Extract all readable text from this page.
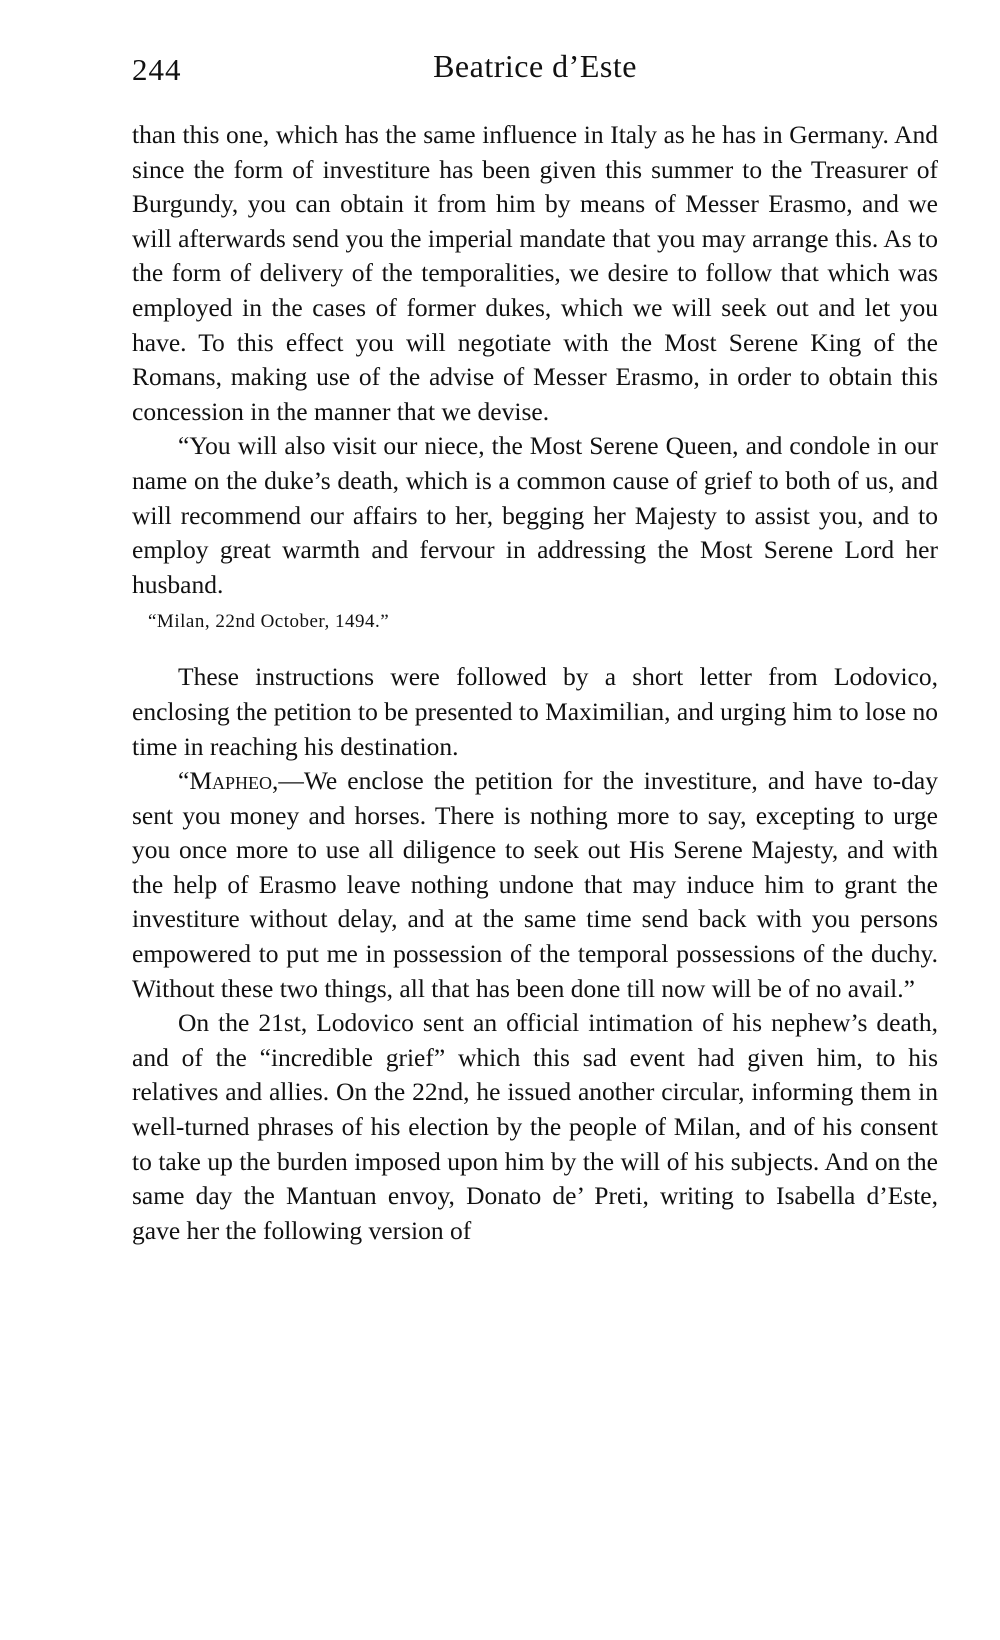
244	Beatrice d’Este

than this one, which has the same influence in Italy as he has in Germany. And since the form of investiture has been given this summer to the Treasurer of Burgundy, you can obtain it from him by means of Messer Erasmo, and we will afterwards send you the imperial mandate that you may arrange this. As to the form of delivery of the temporalities, we desire to follow that which was employed in the cases of former dukes, which we will seek out and let you have. To this effect you will negotiate with the Most Serene King of the Romans, making use of the advise of Messer Erasmo, in order to obtain this concession in the manner that we devise.

“You will also visit our niece, the Most Serene Queen, and condole in our name on the duke’s death, which is a common cause of grief to both of us, and will recommend our affairs to her, begging her Majesty to assist you, and to employ great warmth and fervour in addressing the Most Serene Lord her husband.

“Milan, 22nd October, 1494.”

These instructions were followed by a short letter from Lodovico, enclosing the petition to be presented to Maximilian, and urging him to lose no time in reaching his destination.

“Mapheo,—We enclose the petition for the investiture, and have to-day sent you money and horses. There is nothing more to say, excepting to urge you once more to use all diligence to seek out His Serene Majesty, and with the help of Erasmo leave nothing undone that may induce him to grant the investiture without delay, and at the same time send back with you persons empowered to put me in possession of the temporal possessions of the duchy. Without these two things, all that has been done till now will be of no avail.”

On the 21st, Lodovico sent an official intimation of his nephew’s death, and of the “incredible grief” which this sad event had given him, to his relatives and allies. On the 22nd, he issued another circular, informing them in well-turned phrases of his election by the people of Milan, and of his consent to take up the burden imposed upon him by the will of his subjects. And on the same day the Mantuan envoy, Donato de’ Preti, writing to Isabella d’Este, gave her the following version of
